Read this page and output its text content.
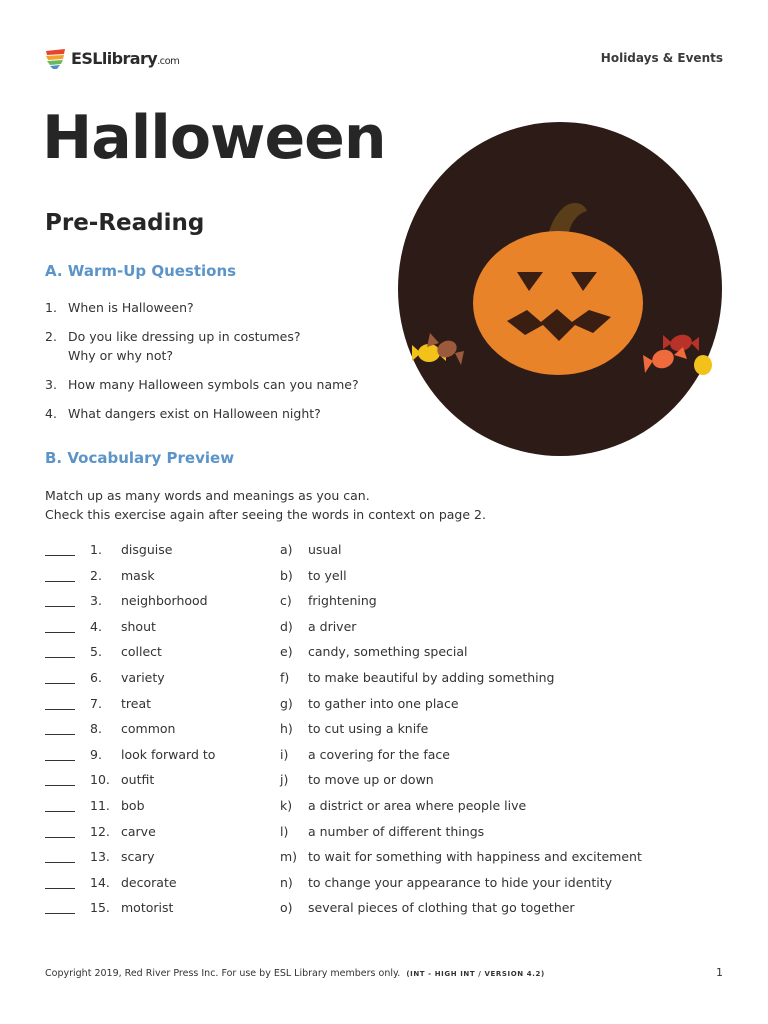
ESLlibrary.com	Holidays & Events
Halloween
Pre-Reading
A. Warm-Up Questions
1. When is Halloween?
2. Do you like dressing up in costumes?
Why or why not?
3. How many Halloween symbols can you name?
4. What dangers exist on Halloween night?
B. Vocabulary Preview
Match up as many words and meanings as you can.
Check this exercise again after seeing the words in context on page 2.
1. disguise	a) usual
2. mask	b) to yell
3. neighborhood	c) frightening
4. shout	d) a driver
5. collect	e) candy, something special
6. variety	f) to make beautiful by adding something
7. treat	g) to gather into one place
8. common	h) to cut using a knife
9. look forward to	i) a covering for the face
10. outfit	j) to move up or down
11. bob	k) a district or area where people live
12. carve	l) a number of different things
13. scary	m) to wait for something with happiness and excitement
14. decorate	n) to change your appearance to hide your identity
15. motorist	o) several pieces of clothing that go together
Copyright 2019, Red River Press Inc. For use by ESL Library members only. (INT - HIGH INT / VERSION 4.2)	1
